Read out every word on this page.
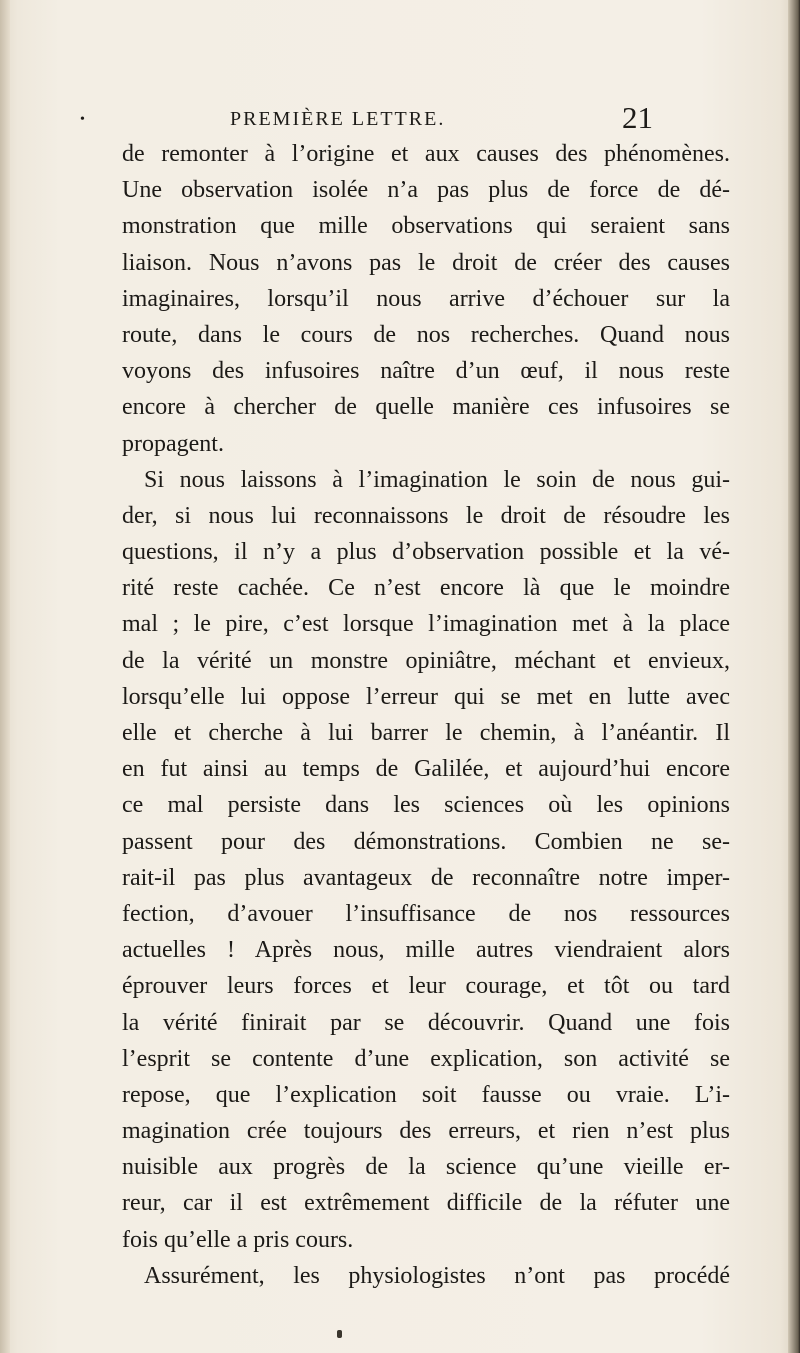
•	PREMIÈRE LETTRE.	21
de remonter à l’origine et aux causes des phénomènes.
Une observation isolée n’a pas plus de force de dé-
monstration que mille observations qui seraient sans
liaison. Nous n’avons pas le droit de créer des causes
imaginaires, lorsqu’il nous arrive d’échouer sur la
route, dans le cours de nos recherches. Quand nous
voyons des infusoires naître d’un œuf, il nous reste
encore à chercher de quelle manière ces infusoires se
propagent.
Si nous laissons à l’imagination le soin de nous gui-
der, si nous lui reconnaissons le droit de résoudre les
questions, il n’y a plus d’observation possible et la vé-
rité reste cachée. Ce n’est encore là que le moindre
mal ; le pire, c’est lorsque l’imagination met à la place
de la vérité un monstre opiniâtre, méchant et envieux,
lorsqu’elle lui oppose l’erreur qui se met en lutte avec
elle et cherche à lui barrer le chemin, à l’anéantir. Il
en fut ainsi au temps de Galilée, et aujourd’hui encore
ce mal persiste dans les sciences où les opinions
passent pour des démonstrations. Combien ne se-
rait-il pas plus avantageux de reconnaître notre imper-
fection, d’avouer l’insuffisance de nos ressources
actuelles ! Après nous, mille autres viendraient alors
éprouver leurs forces et leur courage, et tôt ou tard
la vérité finirait par se découvrir. Quand une fois
l’esprit se contente d’une explication, son activité se
repose, que l’explication soit fausse ou vraie. L’i-
magination crée toujours des erreurs, et rien n’est plus
nuisible aux progrès de la science qu’une vieille er-
reur, car il est extrêmement difficile de la réfuter une
fois qu’elle a pris cours.
Assurément, les physiologistes n’ont pas procédé
